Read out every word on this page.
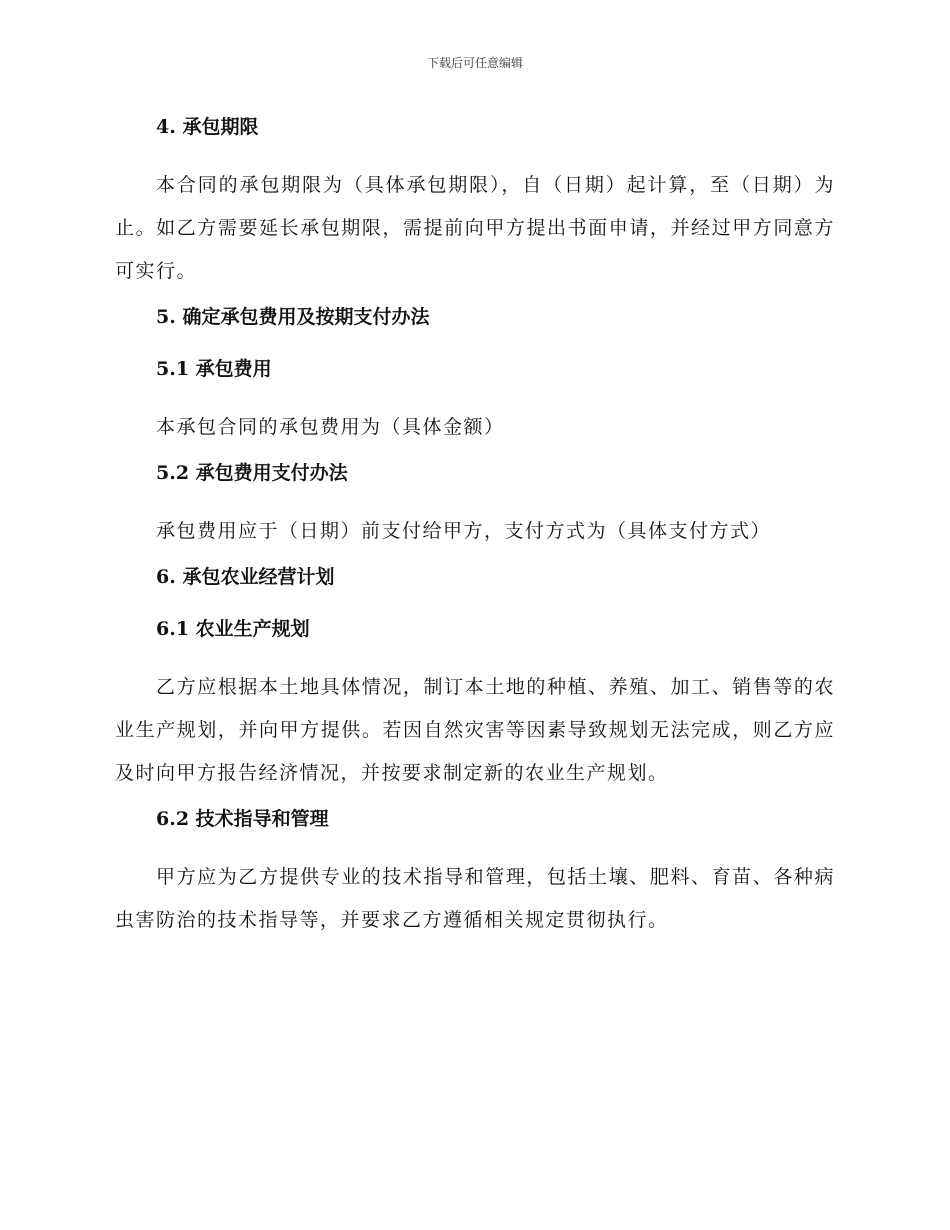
下载后可任意编辑
4. 承包期限

本合同的承包期限为（具体承包期限），自（日期）起计算，至（日期）为止。如乙方需要延长承包期限，需提前向甲方提出书面申请，并经过甲方同意方可实行。

5. 确定承包费用及按期支付办法
5.1 承包费用

本承包合同的承包费用为（具体金额）

5.2 承包费用支付办法

承包费用应于（日期）前支付给甲方，支付方式为（具体支付方式）

6. 承包农业经营计划
6.1 农业生产规划

乙方应根据本土地具体情况，制订本土地的种植、养殖、加工、销售等的农业生产规划，并向甲方提供。若因自然灾害等因素导致规划无法完成，则乙方应及时向甲方报告经济情况，并按要求制定新的农业生产规划。

6.2 技术指导和管理

甲方应为乙方提供专业的技术指导和管理，包括土壤、肥料、育苗、各种病虫害防治的技术指导等，并要求乙方遵循相关规定贯彻执行。
